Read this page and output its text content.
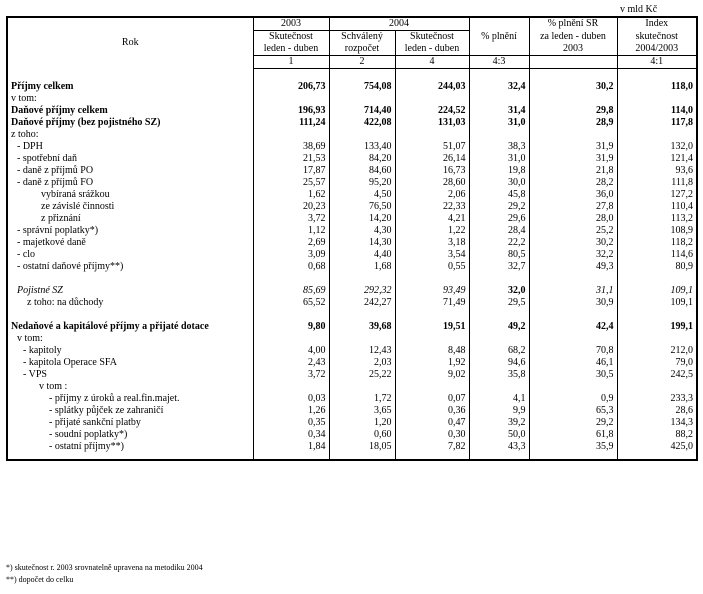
v mld Kč
Rok	2003	2004			% plnění SR	Index
	Skutečnost	Schválený	Skutečnost	% plnění	za leden - duben	skutečnost
	leden - duben	rozpočet	leden - duben		2003	2004/2003
	1	2	4	4:3		4:1

Příjmy celkem	206,73	754,08	244,03	32,4	30,2	118,0
v tom:						
Daňové příjmy celkem	196,93	714,40	224,52	31,4	29,8	114,0
Daňové příjmy (bez pojistného SZ)	111,24	422,08	131,03	31,0	28,9	117,8
z toho:						
- DPH	38,69	133,40	51,07	38,3	31,9	132,0
- spotřební daň	21,53	84,20	26,14	31,0	31,9	121,4
- daně z příjmů PO	17,87	84,60	16,73	19,8	21,8	93,6
- daně z příjmů FO	25,57	95,20	28,60	30,0	28,2	111,8
vybíraná srážkou	1,62	4,50	2,06	45,8	36,0	127,2
ze závislé činnosti	20,23	76,50	22,33	29,2	27,8	110,4
z přiznání	3,72	14,20	4,21	29,6	28,0	113,2
- správní poplatky*)	1,12	4,30	1,22	28,4	25,2	108,9
- majetkové daně	2,69	14,30	3,18	22,2	30,2	118,2
- clo	3,09	4,40	3,54	80,5	32,2	114,6
- ostatní daňové příjmy**)	0,68	1,68	0,55	32,7	49,3	80,9

Pojistné SZ	85,69	292,32	93,49	32,0	31,1	109,1
z toho: na důchody	65,52	242,27	71,49	29,5	30,9	109,1

Nedaňové a kapitálové příjmy a přijaté dotace	9,80	39,68	19,51	49,2	42,4	199,1
v tom:						
- kapitoly	4,00	12,43	8,48	68,2	70,8	212,0
- kapitola Operace SFA	2,43	2,03	1,92	94,6	46,1	79,0
- VPS	3,72	25,22	9,02	35,8	30,5	242,5
v tom :						
- příjmy z úroků a real.fin.majet.	0,03	1,72	0,07	4,1	0,9	233,3
- splátky půjček ze zahraničí	1,26	3,65	0,36	9,9	65,3	28,6
- přijaté sankční platby	0,35	1,20	0,47	39,2	29,2	134,3
- soudní poplatky*)	0,34	0,60	0,30	50,0	61,8	88,2
- ostatní příjmy**)	1,84	18,05	7,82	43,3	35,9	425,0

*) skutečnost r. 2003 srovnatelně upravena na metodiku 2004
**) dopočet do celku
